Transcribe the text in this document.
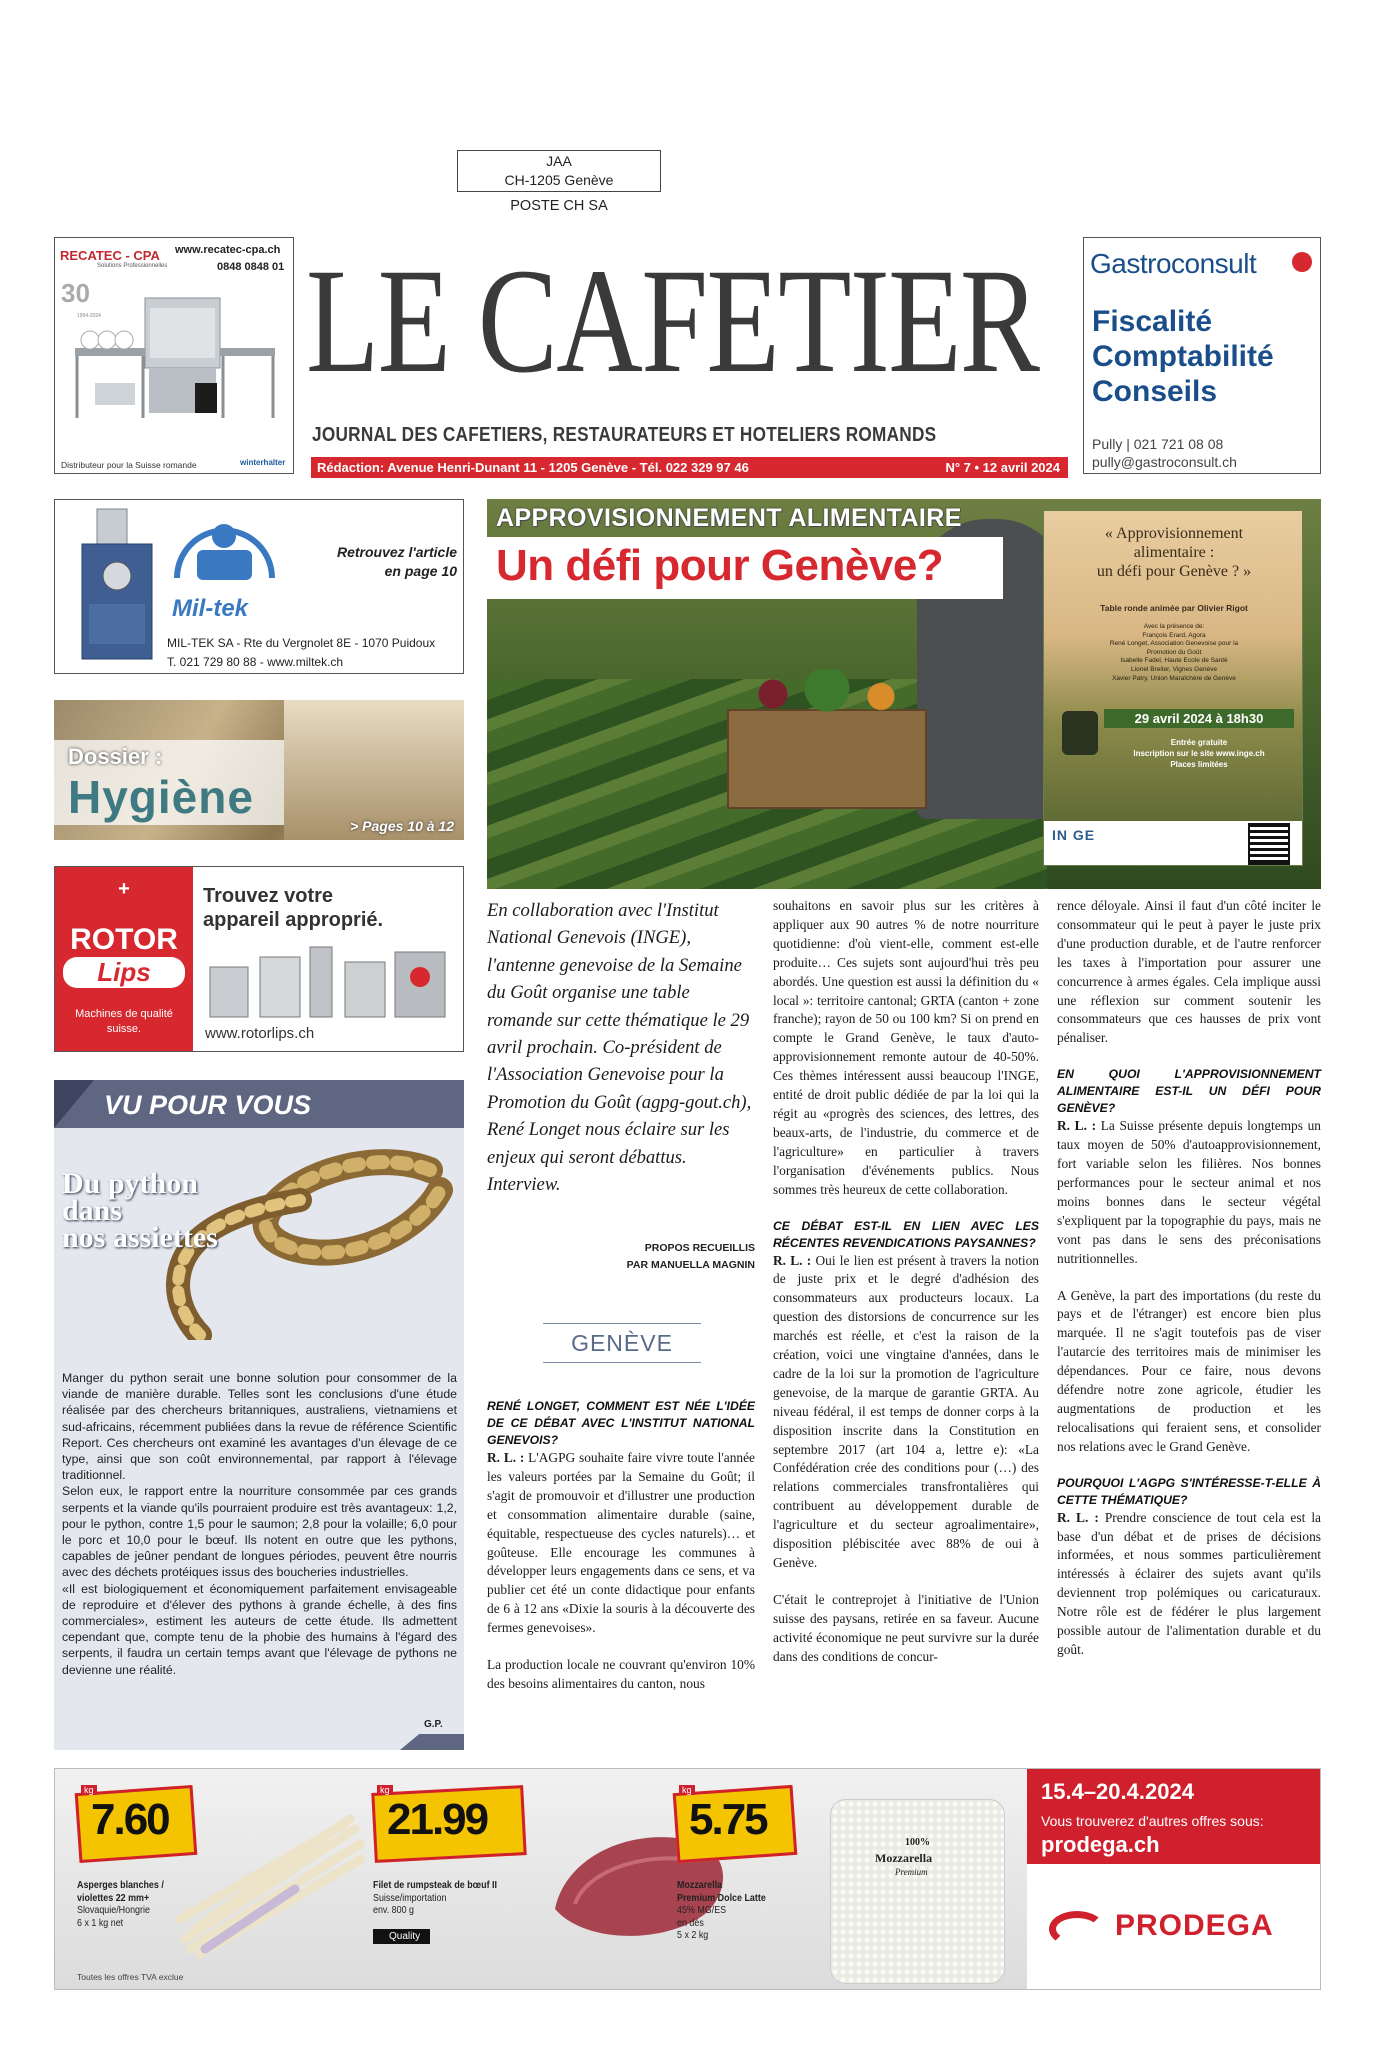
JAA
CH-1205 Genève
POSTE CH SA
LE CAFETIER
JOURNAL DES CAFETIERS, RESTAURATEURS ET HOTELIERS ROMANDS
Rédaction: Avenue Henri-Dunant 11 - 1205 Genève - Tél. 022 329 97 46	N° 7 • 12 avril 2024
RECATEC - CPA
Solutions Professionnelles
www.recatec-cpa.ch
0848 0848 01
30
1994-2024
Distributeur pour la Suisse romande	winterhalter
Gastroconsult
Fiscalité
Comptabilité
Conseils
Pully | 021 721 08 08
pully@gastroconsult.ch
Mil-tek
Retrouvez l'article
en page 10
MIL-TEK SA - Rte du Vergnolet 8E - 1070 Puidoux
T. 021 729 80 88 - www.miltek.ch
Dossier :
Hygiène
> Pages 10 à 12
+
ROTOR
Lips
Machines de qualité suisse.
Trouvez votre
appareil approprié.
www.rotorlips.ch
VU POUR VOUS
Du python
dans
nos assiettes

Manger du python serait une bonne solution pour consommer de la viande de manière durable. Telles sont les conclusions d'une étude réalisée par des chercheurs britanniques, australiens, vietnamiens et sud-africains, récemment publiées dans la revue de référence Scientific Report. Ces chercheurs ont examiné les avantages d'un élevage de ce type, ainsi que son coût environnemental, par rapport à l'élevage traditionnel.

Selon eux, le rapport entre la nourriture consommée par ces grands serpents et la viande qu'ils pourraient produire est très avantageux: 1,2, pour le python, contre 1,5 pour le saumon; 2,8 pour la volaille; 6,0 pour le porc et 10,0 pour le bœuf. Ils notent en outre que les pythons, capables de jeûner pendant de longues périodes, peuvent être nourris avec des déchets protéiques issus des boucheries industrielles.

«Il est biologiquement et économiquement parfaitement envisageable de reproduire et d'élever des pythons à grande échelle, à des fins commerciales», estiment les auteurs de cette étude. Ils admettent cependant que, compte tenu de la phobie des humains à l'égard des serpents, il faudra un certain temps avant que l'élevage de pythons ne devienne une réalité.

G.P.
APPROVISIONNEMENT ALIMENTAIRE
Un défi pour Genève?
« Approvisionnement
alimentaire :
un défi pour Genève ? »
Table ronde animée par Olivier Rigot
Avec la présence de:
François Erard, Agora
René Longet, Association Genevoise pour la
Promotion du Goût
Isabelle Fadel, Haute Ecole de Santé
Lionel Breiter, Vignes Genève
Xavier Patry, Union Maraîchère de Genève
29 avril 2024 à 18h30
Entrée gratuite
Inscription sur le site www.inge.ch
Places limitées
IN GE
En collaboration avec l'Institut National Genevois (INGE), l'antenne genevoise de la Semaine du Goût organise une table romande sur cette thématique le 29 avril prochain. Co-président de l'Association Genevoise pour la Promotion du Goût (agpg-gout.ch), René Longet nous éclaire sur les enjeux qui seront débattus. Interview.
PROPOS RECUEILLIS
PAR MANUELLA MAGNIN
GENÈVE

RENÉ LONGET, COMMENT EST NÉE L'IDÉE DE CE DÉBAT AVEC L'INSTITUT NATIONAL GENEVOIS?

R. L. : L'AGPG souhaite faire vivre toute l'année les valeurs portées par la Semaine du Goût; il s'agit de promouvoir et d'illustrer une production et consommation alimentaire durable (saine, équitable, respectueuse des cycles naturels)… et goûteuse. Elle encourage les communes à développer leurs engagements dans ce sens, et va publier cet été un conte didactique pour enfants de 6 à 12 ans «Dixie la souris à la découverte des fermes genevoises».

La production locale ne couvrant qu'environ 10% des besoins alimentaires du canton, nous

souhaitons en savoir plus sur les critères à appliquer aux 90 autres % de notre nourriture quotidienne: d'où vient-elle, comment est-elle produite… Ces sujets sont aujourd'hui très peu abordés. Une question est aussi la définition du « local »: territoire cantonal; GRTA (canton + zone franche); rayon de 50 ou 100 km? Si on prend en compte le Grand Genève, le taux d'auto-approvisionnement remonte autour de 40-50%. Ces thèmes intéressent aussi beaucoup l'INGE, entité de droit public dédiée de par la loi qui la régit au «progrès des sciences, des lettres, des beaux-arts, de l'industrie, du commerce et de l'agriculture» en particulier à travers l'organisation d'événements publics. Nous sommes très heureux de cette collaboration.

CE DÉBAT EST-IL EN LIEN AVEC LES RÉCENTES REVENDICATIONS PAYSANNES?

R. L. : Oui le lien est présent à travers la notion de juste prix et le degré d'adhésion des consommateurs aux producteurs locaux. La question des distorsions de concurrence sur les marchés est réelle, et c'est la raison de la création, voici une vingtaine d'années, dans le cadre de la loi sur la promotion de l'agriculture genevoise, de la marque de garantie GRTA. Au niveau fédéral, il est temps de donner corps à la disposition inscrite dans la Constitution en septembre 2017 (art 104 a, lettre e): «La Confédération crée des conditions pour (…) des relations commerciales transfrontalières qui contribuent au développement durable de l'agriculture et du secteur agroalimentaire», disposition plébiscitée avec 88% de oui à Genève.

C'était le contreprojet à l'initiative de l'Union suisse des paysans, retirée en sa faveur. Aucune activité économique ne peut survivre sur la durée dans des conditions de concur-

rence déloyale. Ainsi il faut d'un côté inciter le consommateur qui le peut à payer le juste prix d'une production durable, et de l'autre renforcer les taxes à l'importation pour assurer une concurrence à armes égales. Cela implique aussi une réflexion sur comment soutenir les consommateurs que ces hausses de prix vont pénaliser.

EN QUOI L'APPROVISIONNEMENT ALIMENTAIRE EST-IL UN DÉFI POUR GENÈVE?

R. L. : La Suisse présente depuis longtemps un taux moyen de 50% d'autoapprovisionnement, fort variable selon les filières. Nos bonnes performances pour le secteur animal et nos moins bonnes dans le secteur végétal s'expliquent par la topographie du pays, mais ne vont pas dans le sens des préconisations nutritionnelles.

A Genève, la part des importations (du reste du pays et de l'étranger) est encore bien plus marquée. Il ne s'agit toutefois pas de viser l'autarcie des territoires mais de minimiser les dépendances. Pour ce faire, nous devons défendre notre zone agricole, étudier les augmentations de production et les relocalisations qui feraient sens, et consolider nos relations avec le Grand Genève.

POURQUOI L'AGPG S'INTÉRESSE-T-ELLE À CETTE THÉMATIQUE?

R. L. : Prendre conscience de tout cela est la base d'un débat et de prises de décisions informées, et nous sommes particulièrement intéressés à éclairer des sujets avant qu'ils deviennent trop polémiques ou caricaturaux. Notre rôle est de fédérer le plus largement possible autour de l'alimentation durable et du goût.

kg
7.60
Asperges blanches /
violettes 22 mm+
Slovaquie/Hongrie
6 x 1 kg net
kg
21.99
Filet de rumpsteak de bœuf II
Suisse/importation
env. 800 g
Quality
kg
5.75
Mozzarella
Premium Dolce Latte
45% MG/ES
en dés
5 x 2 kg
100%
Mozzarella
Premium
15.4–20.4.2024
Vous trouverez d'autres offres sous:
prodega.ch
PRODEGA
Toutes les offres TVA exclue
